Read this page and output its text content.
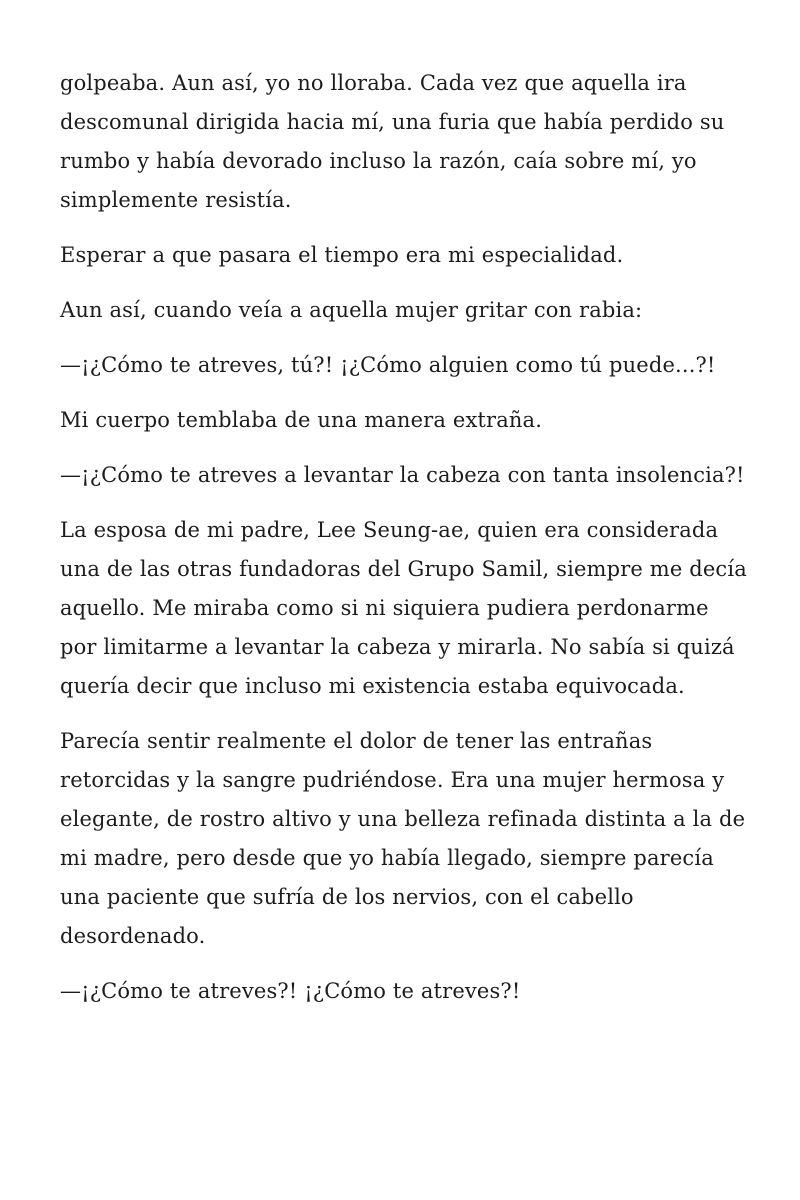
golpeaba. Aun así, yo no lloraba. Cada vez que aquella ira descomunal dirigida hacia mí, una furia que había perdido su rumbo y había devorado incluso la razón, caía sobre mí, yo simplemente resistía.

Esperar a que pasara el tiempo era mi especialidad.

Aun así, cuando veía a aquella mujer gritar con rabia:

—¡¿Cómo te atreves, tú?! ¡¿Cómo alguien como tú puede...?!

Mi cuerpo temblaba de una manera extraña.

—¡¿Cómo te atreves a levantar la cabeza con tanta insolencia?!

La esposa de mi padre, Lee Seung-ae, quien era considerada una de las otras fundadoras del Grupo Samil, siempre me decía aquello. Me miraba como si ni siquiera pudiera perdonarme por limitarme a levantar la cabeza y mirarla. No sabía si quizá quería decir que incluso mi existencia estaba equivocada.

Parecía sentir realmente el dolor de tener las entrañas retorcidas y la sangre pudriéndose. Era una mujer hermosa y elegante, de rostro altivo y una belleza refinada distinta a la de mi madre, pero desde que yo había llegado, siempre parecía una paciente que sufría de los nervios, con el cabello desordenado.

—¡¿Cómo te atreves?! ¡¿Cómo te atreves?!
